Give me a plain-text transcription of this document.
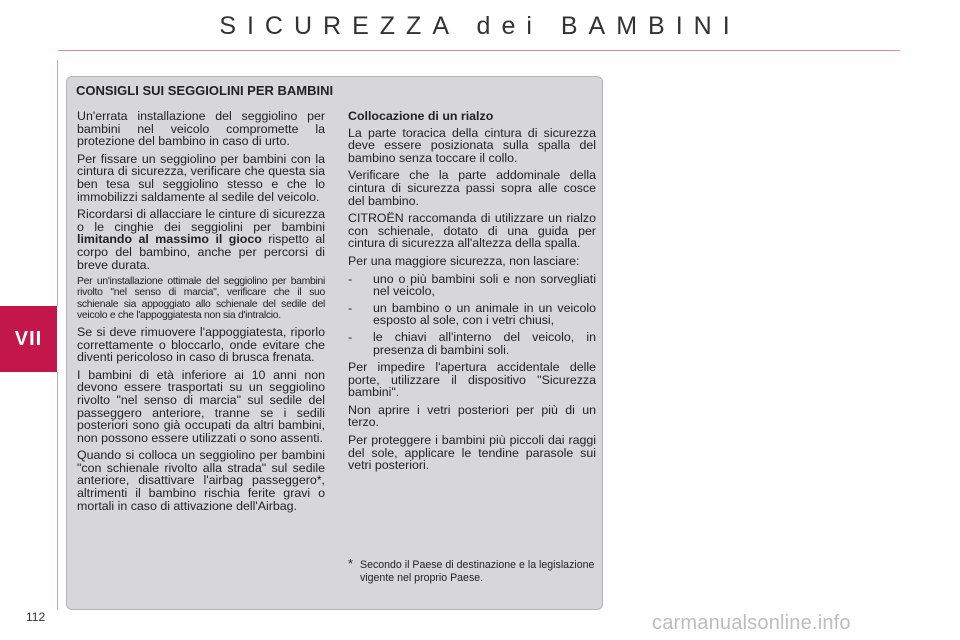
SICUREZZA dei BAMBINI
VII
112
CONSIGLI SUI SEGGIOLINI PER BAMBINI

Un'errata installazione del seggiolino per bambini nel veicolo compromette la protezione del bambino in caso di urto.

Per fissare un seggiolino per bambini con la cintura di sicurezza, verificare che questa sia ben tesa sul seggiolino stesso e che lo immobilizzi saldamente al sedile del veicolo.

Ricordarsi di allacciare le cinture di sicurezza o le cinghie dei seggiolini per bambini limitando al massimo il gioco rispetto al corpo del bambino, anche per percorsi di breve durata.

Per un'installazione ottimale del seggiolino per bambini rivolto "nel senso di marcia", verificare che il suo schienale sia appoggiato allo schienale del sedile del veicolo e che l'appoggiatesta non sia d'intralcio.

Se si deve rimuovere l'appoggiatesta, riporlo correttamente o bloccarlo, onde evitare che diventi pericoloso in caso di brusca frenata.

I bambini di età inferiore ai 10 anni non devono essere trasportati su un seggiolino rivolto "nel senso di marcia" sul sedile del passeggero anteriore, tranne se i sedili posteriori sono già occupati da altri bambini, non possono essere utilizzati o sono assenti.

Quando si colloca un seggiolino per bambini "con schienale rivolto alla strada" sul sedile anteriore, disattivare l'airbag passeggero*, altrimenti il bambino rischia ferite gravi o mortali in caso di attivazione dell'Airbag.

Collocazione di un rialzo

La parte toracica della cintura di sicurezza deve essere posizionata sulla spalla del bambino senza toccare il collo.

Verificare che la parte addominale della cintura di sicurezza passi sopra alle cosce del bambino.

CITROËN raccomanda di utilizzare un rialzo con schienale, dotato di una guida per cintura di sicurezza all'altezza della spalla.

Per una maggiore sicurezza, non lasciare:

- uno o più bambini soli e non sorvegliati nel veicolo,
- un bambino o un animale in un veicolo esposto al sole, con i vetri chiusi,
- le chiavi all'interno del veicolo, in presenza di bambini soli.

Per impedire l'apertura accidentale delle porte, utilizzare il dispositivo "Sicurezza bambini".

Non aprire i vetri posteriori per più di un terzo.

Per proteggere i bambini più piccoli dai raggi del sole, applicare le tendine parasole sui vetri posteriori.

* Secondo il Paese di destinazione e la legislazione vigente nel proprio Paese.
carmanualsonline.info
